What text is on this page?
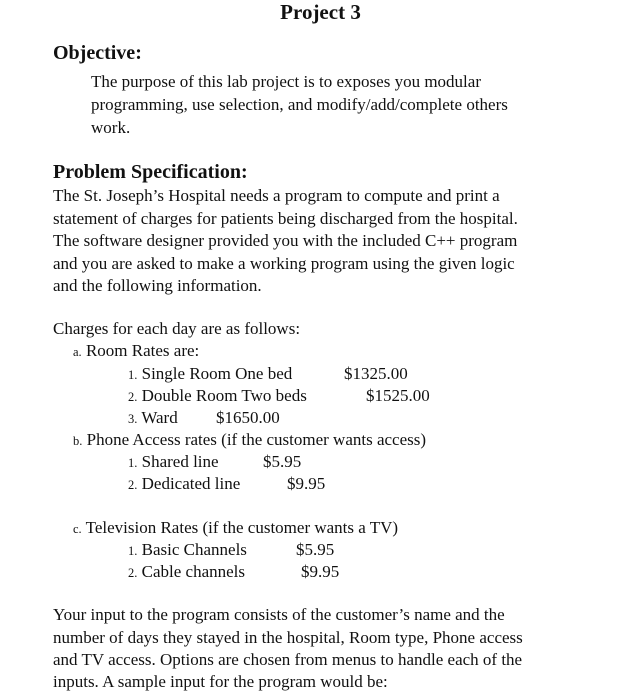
Project 3
Objective:
The purpose of this lab project is to exposes you modular
programming, use selection, and modify/add/complete others
work.
Problem Specification:
The St. Joseph’s Hospital needs a program to compute and print a
statement of charges for patients being discharged from the hospital.
The software designer provided you with the included C++ program
and you are asked to make a working program using the given logic
and the following information.
Charges for each day are as follows:
a. Room Rates are:
1. Single Room One bed	$1325.00
2. Double Room Two beds	$1525.00
3. Ward $1650.00
b. Phone Access rates (if the customer wants access)
1. Shared line	$5.95
2. Dedicated line	$9.95
c. Television Rates (if the customer wants a TV)
1. Basic Channels	$5.95
2. Cable channels	$9.95
Your input to the program consists of the customer’s name and the
number of days they stayed in the hospital, Room type, Phone access
and TV access. Options are chosen from menus to handle each of the
inputs. A sample input for the program would be:
